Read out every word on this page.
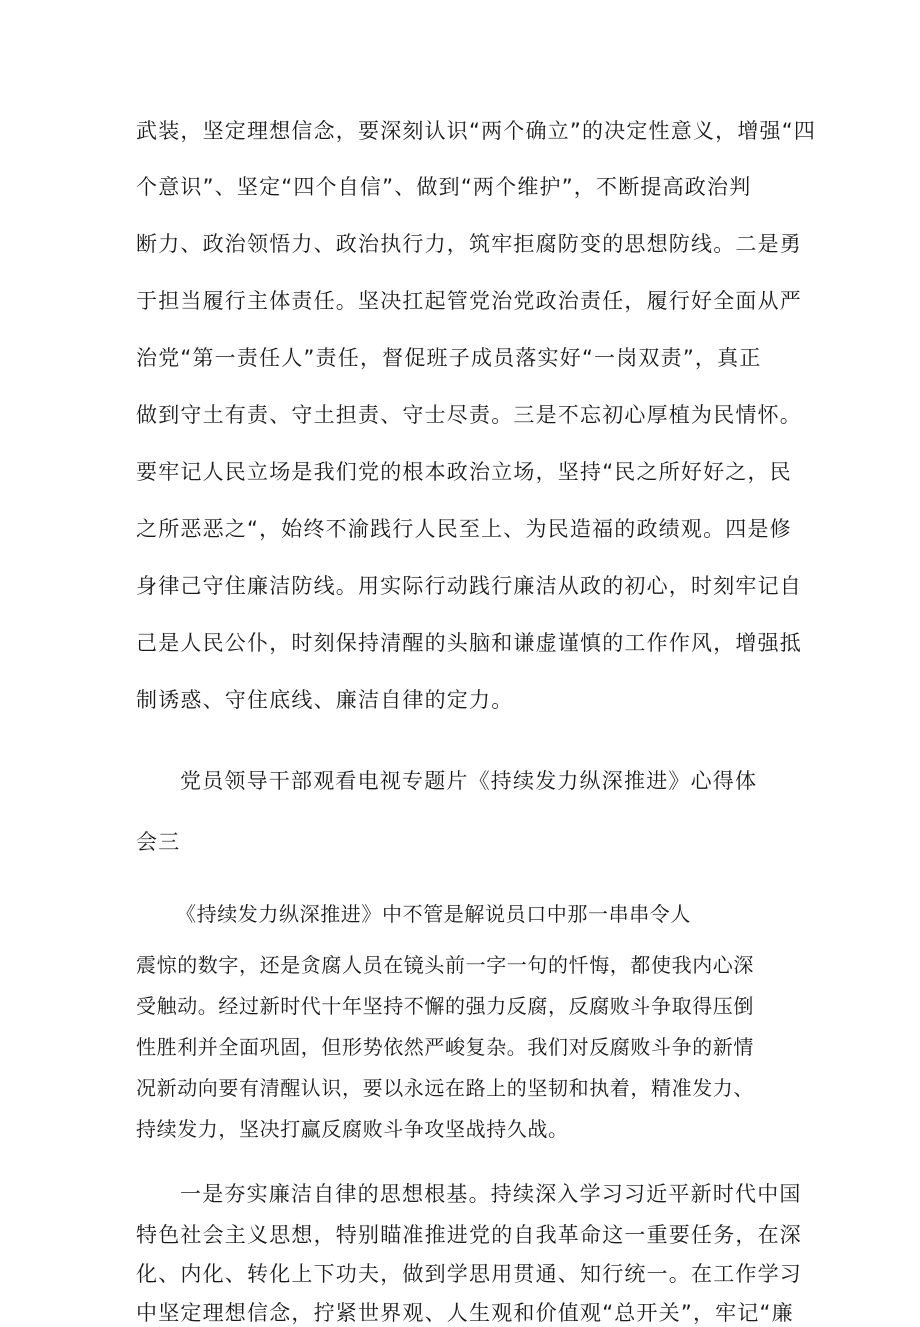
武装，坚定理想信念，要深刻认识“两个确立”的决定性意义，增强“四
个意识”、坚定“四个自信”、做到“两个维护”，不断提高政治判
断力、政治领悟力、政治执行力，筑牢拒腐防变的思想防线。二是勇
于担当履行主体责任。坚决扛起管党治党政治责任，履行好全面从严
治党“第一责任人”责任，督促班子成员落实好“一岗双责”，真正
做到守土有责、守土担责、守士尽责。三是不忘初心厚植为民情怀。
要牢记人民立场是我们党的根本政治立场，坚持“民之所好好之，民
之所恶恶之“，始终不渝践行人民至上、为民造福的政绩观。四是修
身律己守住廉洁防线。用实际行动践行廉洁从政的初心，时刻牢记自
己是人民公仆，时刻保持清醒的头脑和谦虚谨慎的工作作风，增强抵
制诱惑、守住底线、廉洁自律的定力。
党员领导干部观看电视专题片《持续发力纵深推进》心得体
会三
《持续发力纵深推进》中不管是解说员口中那一串串令人
震惊的数字，还是贪腐人员在镜头前一字一句的忏悔，都使我内心深
受触动。经过新时代十年坚持不懈的强力反腐，反腐败斗争取得压倒
性胜利并全面巩固，但形势依然严峻复杂。我们对反腐败斗争的新情
况新动向要有清醒认识，要以永远在路上的坚韧和执着，精准发力、
持续发力，坚决打赢反腐败斗争攻坚战持久战。
一是夯实廉洁自律的思想根基。持续深入学习习近平新时代中国
特色社会主义思想，特别瞄准推进党的自我革命这一重要任务，在深
化、内化、转化上下功夫，做到学思用贯通、知行统一。在工作学习
中坚定理想信念，拧紧世界观、人生观和价值观“总开关”，牢记“廉
